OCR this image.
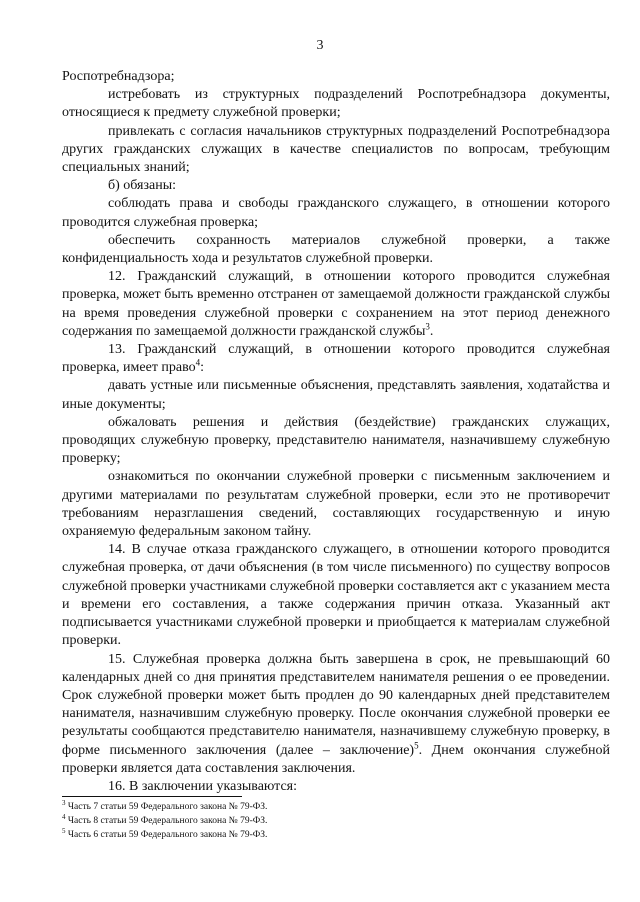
3

Роспотребнадзора;

истребовать из структурных подразделений Роспотребнадзора документы, относящиеся к предмету служебной проверки;

привлекать с согласия начальников структурных подразделений Роспотребнадзора других гражданских служащих в качестве специалистов по вопросам, требующим специальных знаний;

б) обязаны:

соблюдать права и свободы гражданского служащего, в отношении которого проводится служебная проверка;

обеспечить сохранность материалов служебной проверки, а также конфиденциальность хода и результатов служебной проверки.

12. Гражданский служащий, в отношении которого проводится служебная проверка, может быть временно отстранен от замещаемой должности гражданской службы на время проведения служебной проверки с сохранением на этот период денежного содержания по замещаемой должности гражданской службы$^3$.

13. Гражданский служащий, в отношении которого проводится служебная проверка, имеет право$^4$:

давать устные или письменные объяснения, представлять заявления, ходатайства и иные документы;

обжаловать решения и действия (бездействие) гражданских служащих, проводящих служебную проверку, представителю нанимателя, назначившему служебную проверку;

ознакомиться по окончании служебной проверки с письменным заключением и другими материалами по результатам служебной проверки, если это не противоречит требованиям неразглашения сведений, составляющих государственную и иную охраняемую федеральным законом тайну.

14. В случае отказа гражданского служащего, в отношении которого проводится служебная проверка, от дачи объяснения (в том числе письменного) по существу вопросов служебной проверки участниками служебной проверки составляется акт с указанием места и времени его составления, а также содержания причин отказа. Указанный акт подписывается участниками служебной проверки и приобщается к материалам служебной проверки.

15. Служебная проверка должна быть завершена в срок, не превышающий 60 календарных дней со дня принятия представителем нанимателя решения о ее проведении. Срок служебной проверки может быть продлен до 90 календарных дней представителем нанимателя, назначившим служебную проверку. После окончания служебной проверки ее результаты сообщаются представителю нанимателя, назначившему служебную проверку, в форме письменного заключения (далее – заключение)$^5$. Днем окончания служебной проверки является дата составления заключения.

16. В заключении указываются:

$^3$ Часть 7 статьи 59 Федерального закона № 79-ФЗ.

$^4$ Часть 8 статьи 59 Федерального закона № 79-ФЗ.

$^5$ Часть 6 статьи 59 Федерального закона № 79-ФЗ.
